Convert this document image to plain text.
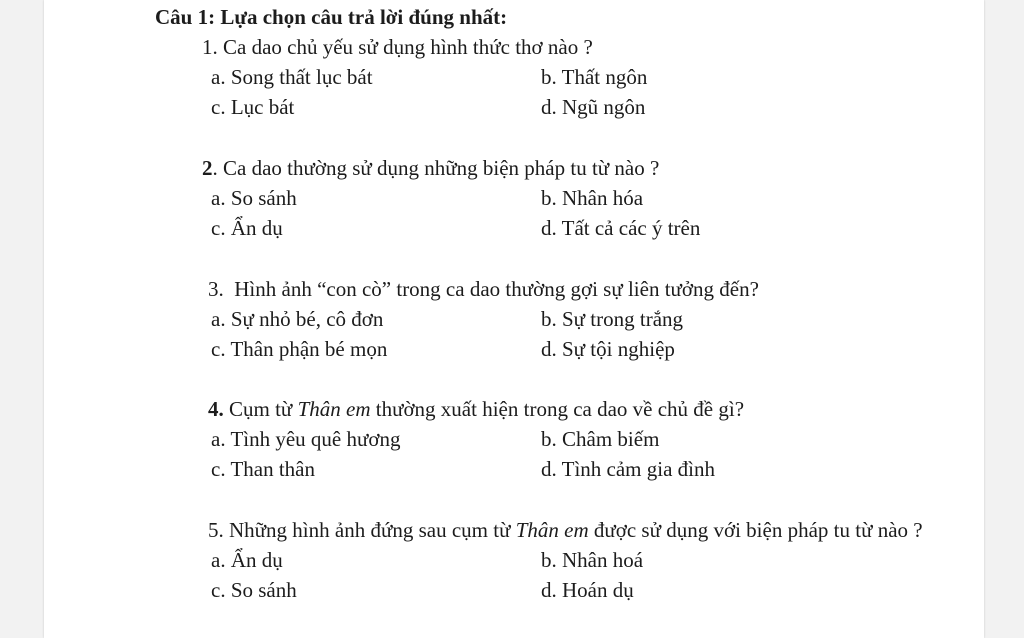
Câu 1: Lựa chọn câu trả lời đúng nhất:
1. Ca dao chủ yếu sử dụng hình thức thơ nào ?
a. Song thất lục bát	b. Thất ngôn
c. Lục bát	d. Ngũ ngôn
2. Ca dao thường sử dụng những biện pháp tu từ nào ?
a. So sánh	b. Nhân hóa
c. Ẩn dụ	d. Tất cả các ý trên
3.  Hình ảnh “con cò” trong ca dao thường gợi sự liên tưởng đến?
a. Sự nhỏ bé, cô đơn	b. Sự trong trắng
c. Thân phận bé mọn	d. Sự tội nghiệp
4. Cụm từ Thân em thường xuất hiện trong ca dao về chủ đề gì?
a. Tình yêu quê hương	b. Châm biếm
c. Than thân	d. Tình cảm gia đình
5. Những hình ảnh đứng sau cụm từ Thân em được sử dụng với biện pháp tu từ nào ?
a. Ẩn dụ	b. Nhân hoá
c. So sánh	d. Hoán dụ
